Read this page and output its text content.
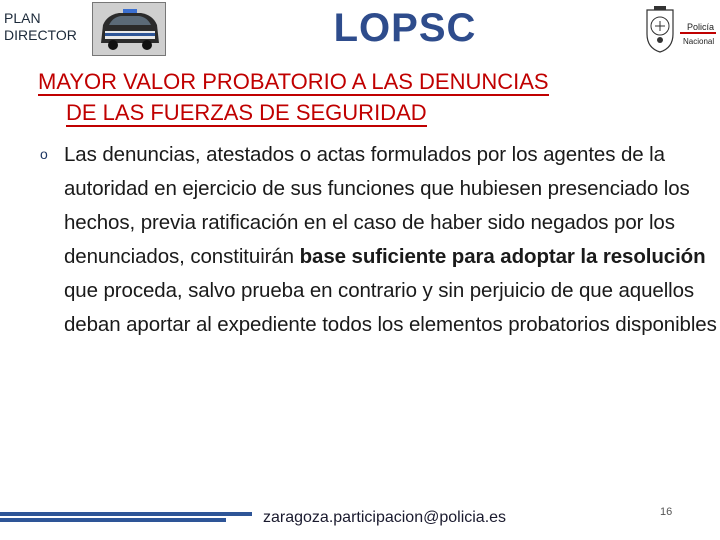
PLAN
DIRECTOR	LOPSC	Policía
Nacional
MAYOR VALOR PROBATORIO A LAS DENUNCIAS
DE LAS FUERZAS DE SEGURIDAD
o Las denuncias, atestados o actas formulados por los agentes de la autoridad en ejercicio de sus funciones que hubiesen presenciado los hechos, previa ratificación en el caso de haber sido negados por los denunciados, constituirán base suficiente para adoptar la resolución que proceda, salvo prueba en contrario y sin perjuicio de que aquellos deban aportar al expediente todos los elementos probatorios disponibles
zaragoza.participacion@policia.es	16
